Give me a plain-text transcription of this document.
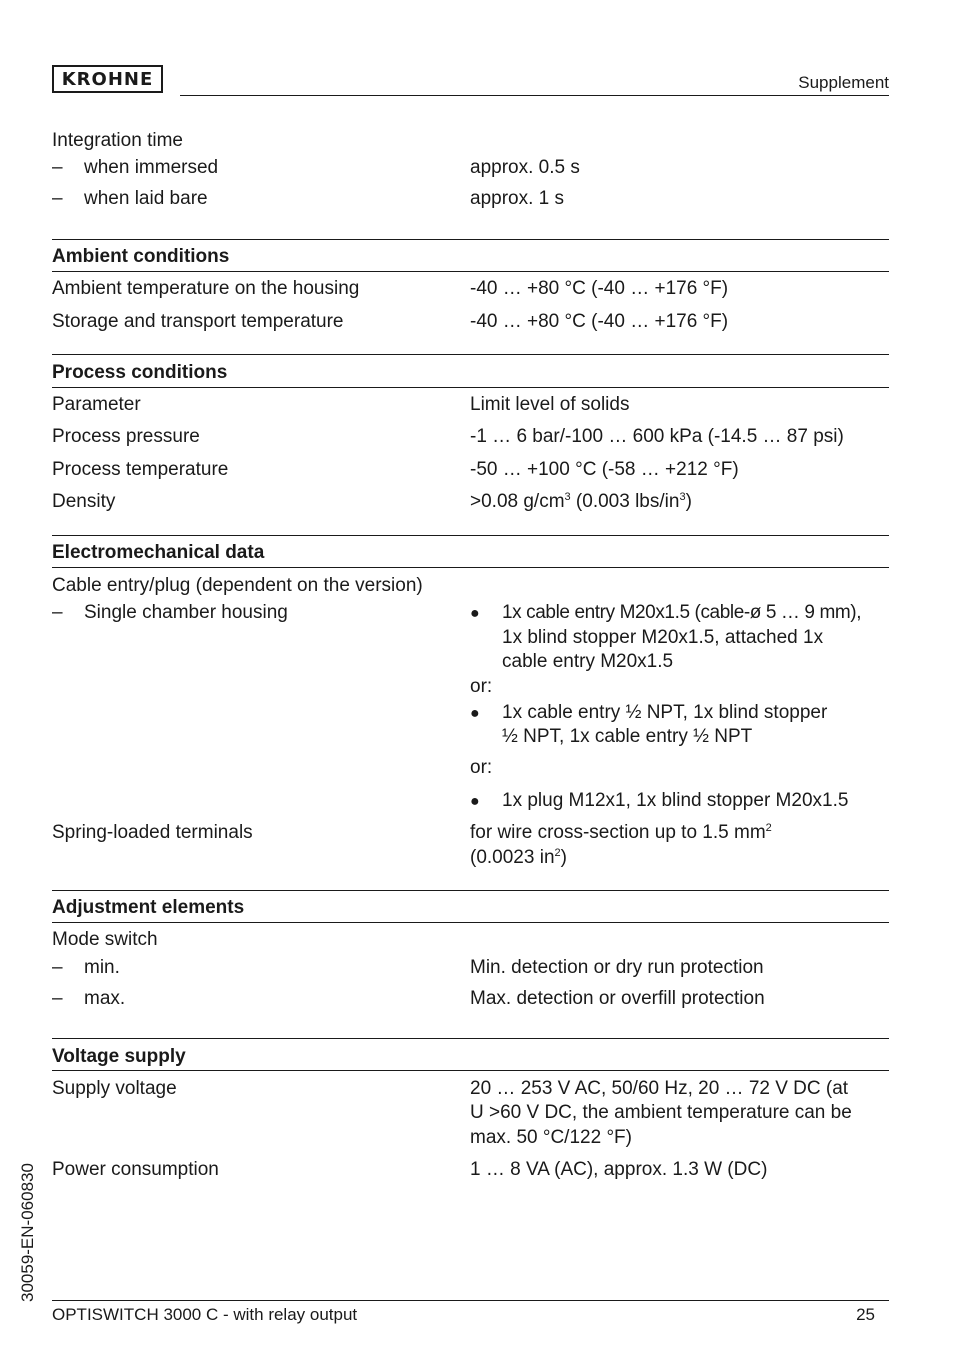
KROHNE	Supplement
Integration time
–	when immersed	approx. 0.5 s
–	when laid bare	approx. 1 s
Ambient conditions
Ambient temperature on the housing	-40 … +80 °C (-40 … +176 °F)
Storage and transport temperature	-40 … +80 °C (-40 … +176 °F)
Process conditions
Parameter	Limit level of solids
Process pressure	-1 … 6 bar/-100 … 600 kPa (-14.5 … 87 psi)
Process temperature	-50 … +100 °C (-58 … +212 °F)
Density	>0.08 $g/cm^3$ (0.003 lbs/$in^3$)
Electromechanical data
Cable entry/plug (dependent on the version)
–	Single chamber housing	● 1x cable entry M20x1.5 (cable-ø 5 … 9 mm),
1x blind stopper M20x1.5, attached 1x
cable entry M20x1.5
or:
● 1x cable entry ½ NPT, 1x blind stopper
½ NPT, 1x cable entry ½ NPT
or:
● 1x plug M12x1, 1x blind stopper M20x1.5
Spring-loaded terminals	for wire cross-section up to 1.5 $mm^2$
(0.0023 $in^2$)
Adjustment elements
Mode switch
–	min.	Min. detection or dry run protection
–	max.	Max. detection or overfill protection
Voltage supply
Supply voltage	20 … 253 V AC, 50/60 Hz, 20 … 72 V DC (at
U >60 V DC, the ambient temperature can be
max. 50 °C/122 °F)
Power consumption	1 … 8 VA (AC), approx. 1.3 W (DC)
30059-EN-060830
OPTISWITCH 3000 C - with relay output	25
